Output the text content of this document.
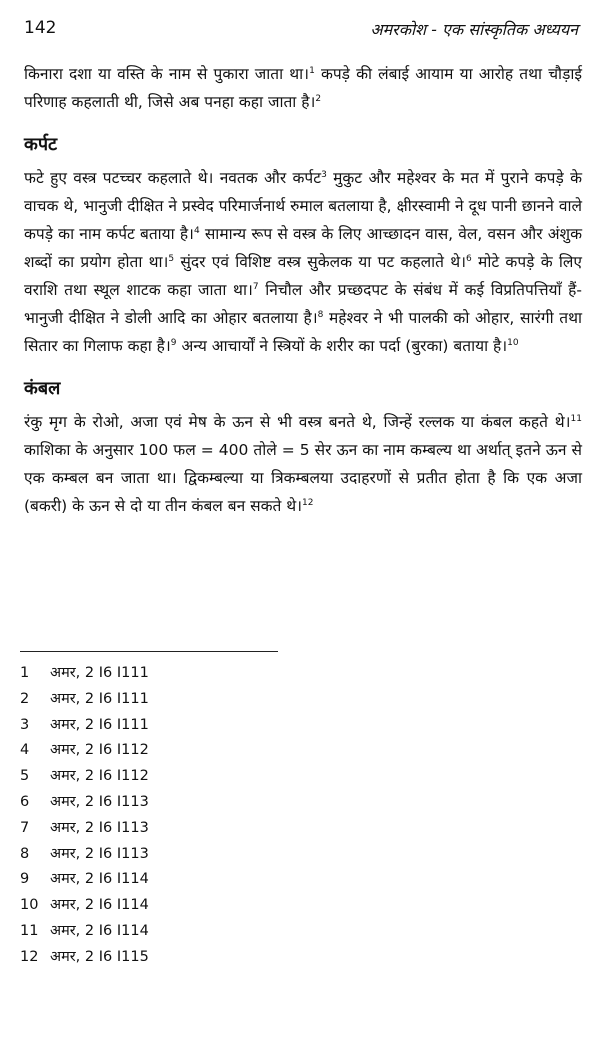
142	अमरकोश - एक सांस्कृतिक अध्ययन

किनारा दशा या वस्ति के नाम से पुकारा जाता था।$^1$ कपड़े की लंबाई आयाम या आरोह तथा चौड़ाई परिणाह कहलाती थी, जिसे अब पनहा कहा जाता है।$^2$

कर्पट

फटे हुए वस्त्र पटच्चर कहलाते थे। नवतक और कर्पट$^3$ मुकुट और महेश्वर के मत में पुराने कपड़े के वाचक थे, भानुजी दीक्षित ने प्रस्वेद परिमार्जनार्थ रुमाल बतलाया है, क्षीरस्वामी ने दूध पानी छानने वाले कपड़े का नाम कर्पट बताया है।$^4$ सामान्य रूप से वस्त्र के लिए आच्छादन वास, वेल, वसन और अंशुक शब्दों का प्रयोग होता था।$^5$ सुंदर एवं विशिष्ट वस्त्र सुकेलक या पट कहलाते थे।$^6$ मोटे कपड़े के लिए वराशि तथा स्थूल शाटक कहा जाता था।$^7$ निचौल और प्रच्छदपट के संबंध में कई विप्रतिपत्तियाँ हैं-भानुजी दीक्षित ने डोली आदि का ओहार बतलाया है।$^8$ महेश्वर ने भी पालकी को ओहार, सारंगी तथा सितार का गिलाफ कहा है।$^9$ अन्य आचार्यों ने स्त्रियों के शरीर का पर्दा (बुरका) बताया है।$^{10}$

कंबल

रंकु मृग के रोओ, अजा एवं मेष के ऊन से भी वस्त्र बनते थे, जिन्हें रल्लक या कंबल कहते थे।$^{11}$ काशिका के अनुसार 100 फल = 400 तोले = 5 सेर ऊन का नाम कम्बल्य था अर्थात् इतने ऊन से एक कम्बल बन जाता था। द्विकम्बल्या या त्रिकम्बलया उदाहरणों से प्रतीत होता है कि एक अजा (बकरी) के ऊन से दो या तीन कंबल बन सकते थे।$^{12}$

1 अमर, 2 I6 I111
2 अमर, 2 I6 I111
3 अमर, 2 I6 I111
4 अमर, 2 I6 I112
5 अमर, 2 I6 I112
6 अमर, 2 I6 I113
7 अमर, 2 I6 I113
8 अमर, 2 I6 I113
9 अमर, 2 I6 I114
10 अमर, 2 I6 I114
11 अमर, 2 I6 I114
12 अमर, 2 I6 I115
